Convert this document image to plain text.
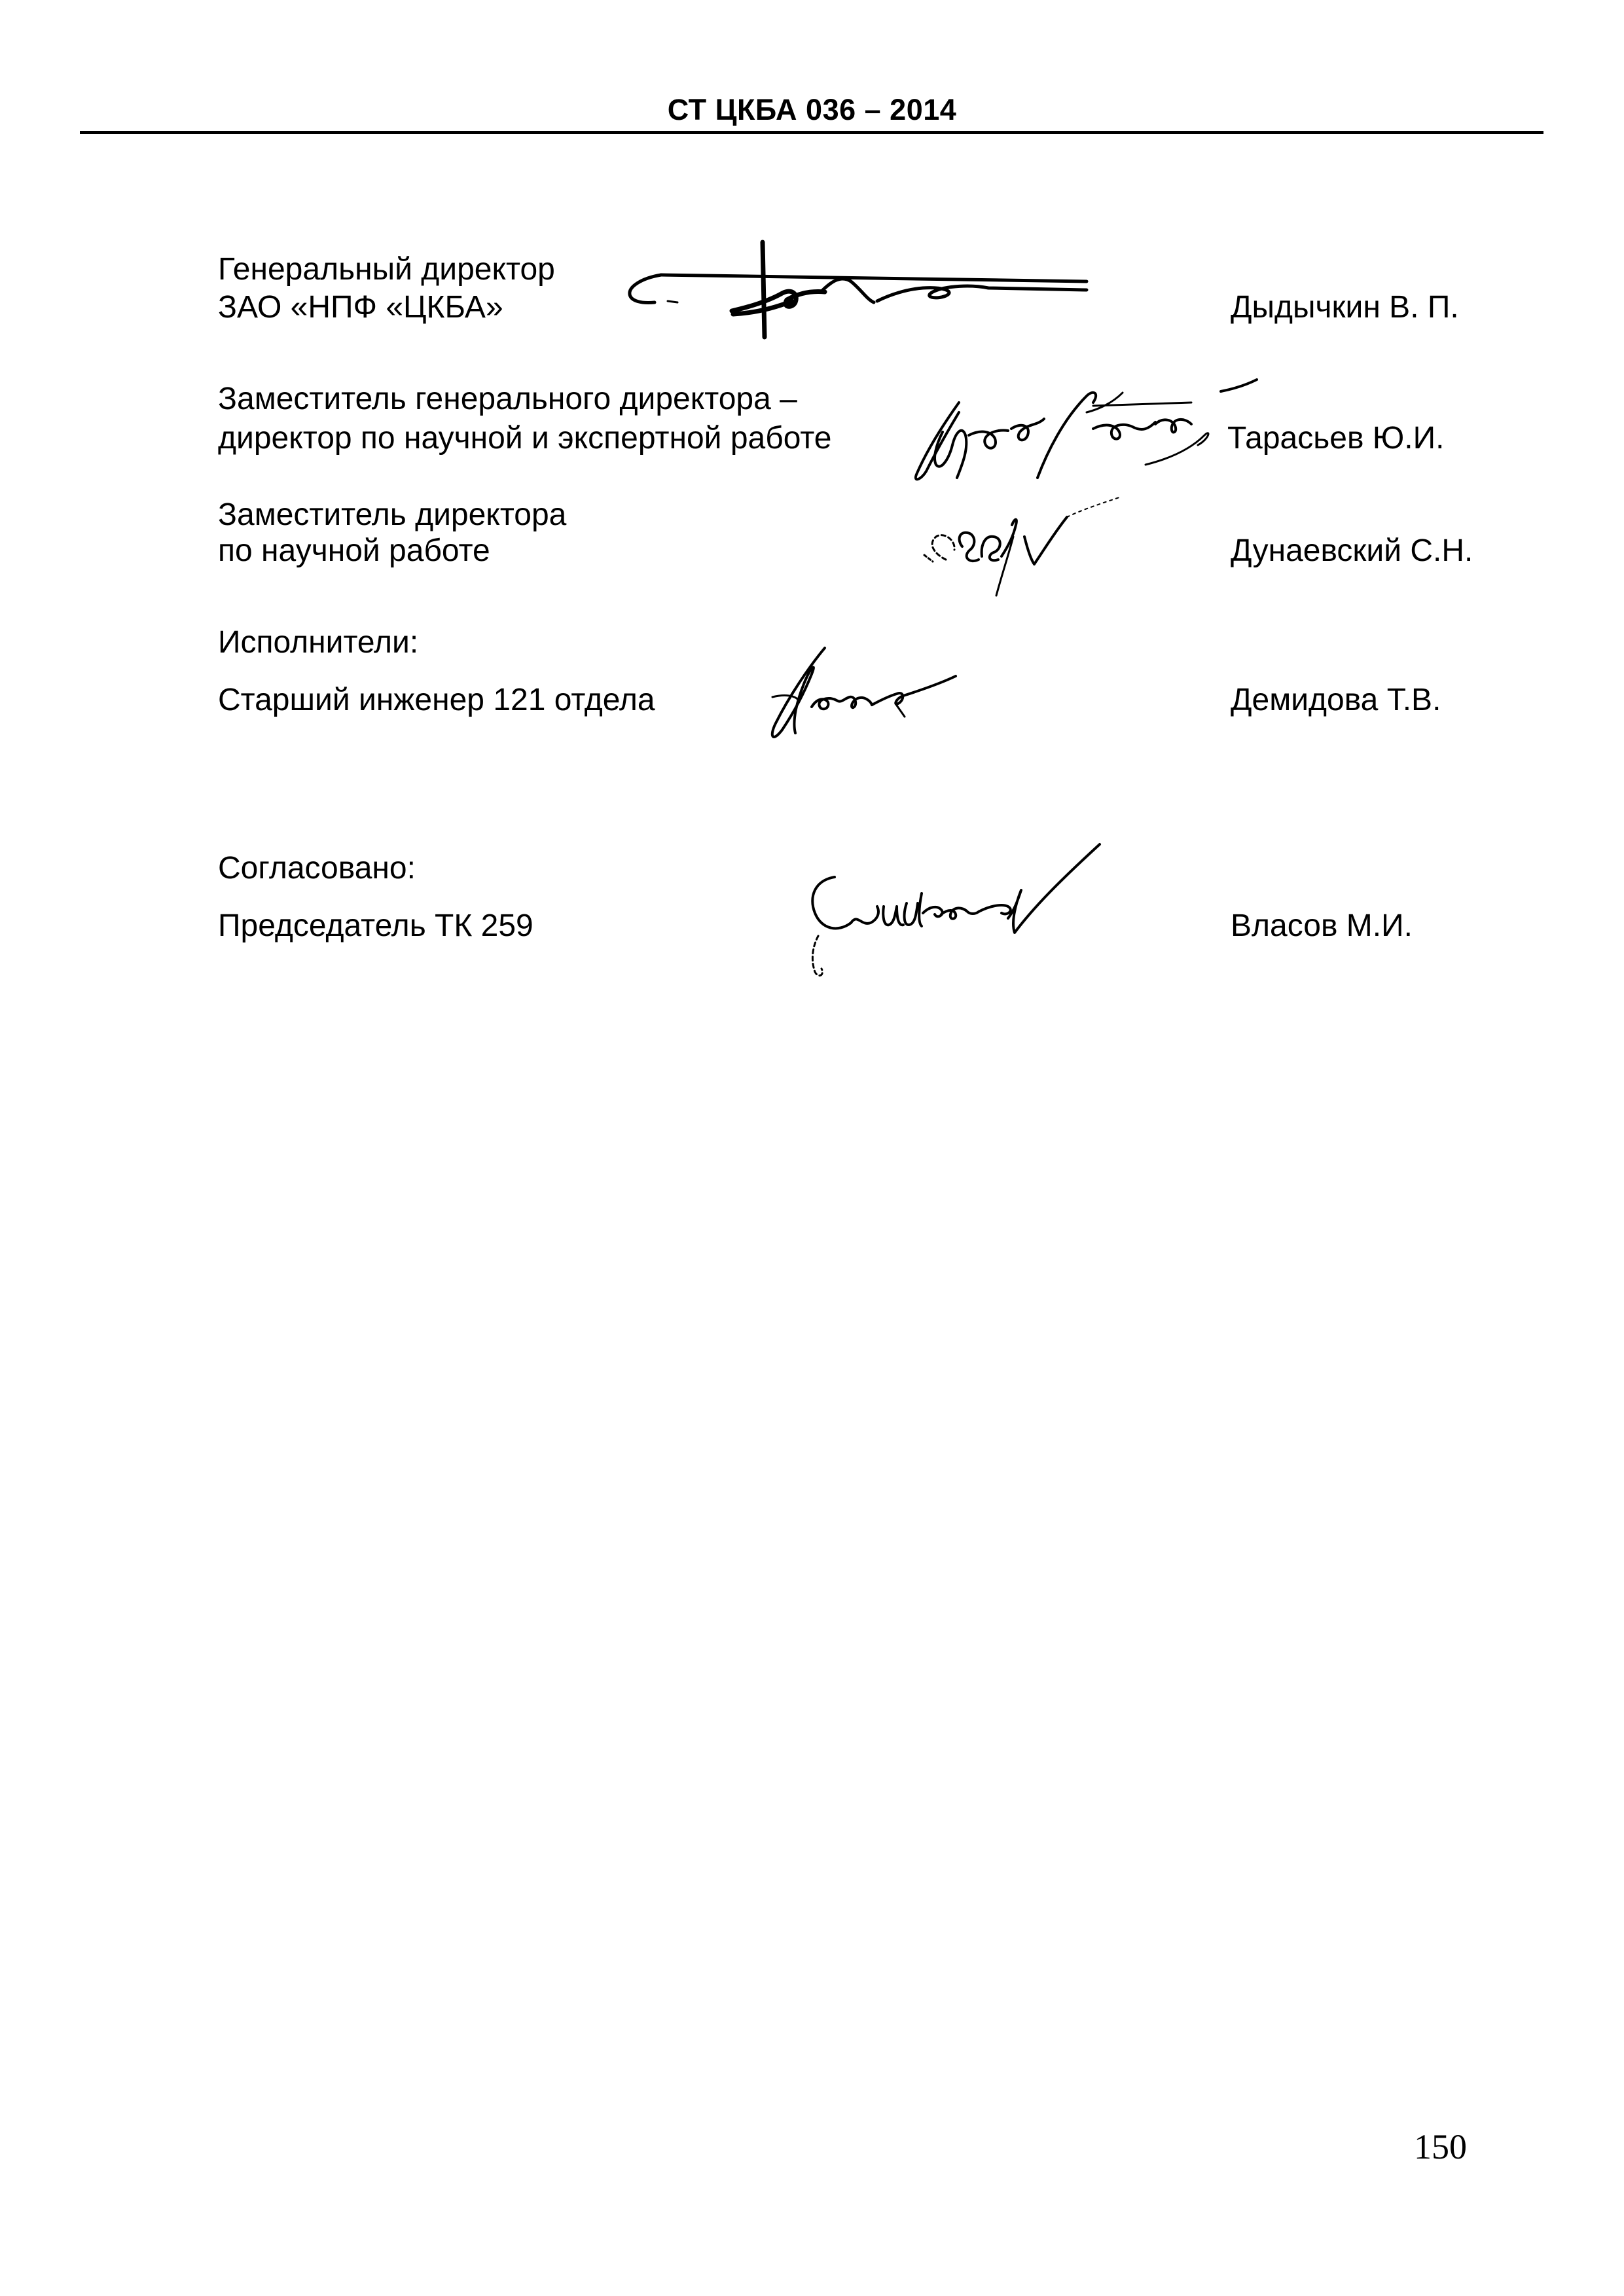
СТ ЦКБА 036 – 2014
Генеральный директор
ЗАО «НПФ «ЦКБА»	Дыдычкин В. П.
Заместитель генерального директора –
директор по научной и экспертной работе	Тарасьев Ю.И.
Заместитель директора
по научной работе	Дунаевский С.Н.
Исполнители:
Старший инженер 121 отдела	Демидова Т.В.
Согласовано:
Председатель ТК 259	Власов М.И.
150
